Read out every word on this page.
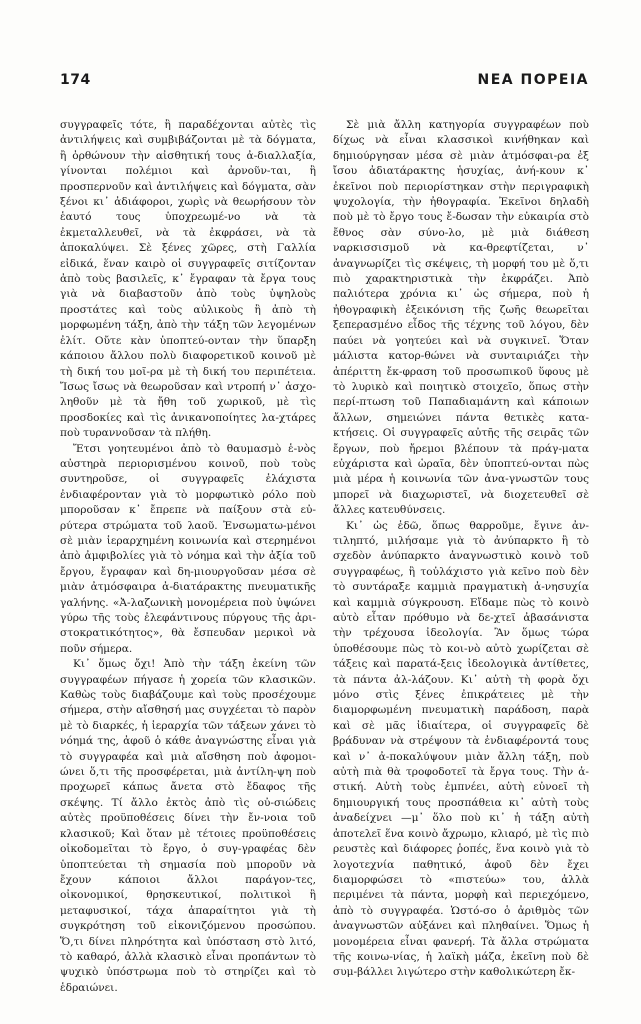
174	ΝΕΑ ΠΟΡΕΙΑ

συγγραφεῖς τότε, ἢ παραδέχονται αὐτὲς τὶς ἀντιλήψεις καὶ συμβιβάζονται μὲ τὰ δόγματα, ἢ ὀρθώνουν τὴν αἰσθητική τους ἀ-διαλλαξία, γίνονται πολέμιοι καὶ ἀρνοῦν-ται, ἢ προσπερνοῦν καὶ ἀντιλήψεις καὶ δόγματα, σὰν ξένοι κι᾿ ἀδιάφοροι, χωρὶς νὰ θεωρήσουν τὸν ἑαυτό τους ὑποχρεωμέ-νο νὰ τὰ ἐκμεταλλευθεῖ, νὰ τὰ ἐκφράσει, νὰ τὰ ἀποκαλύψει. Σὲ ξένες χῶρες, στὴ Γαλλία εἰδικά, ἕναν καιρὸ οἱ συγγραφεῖς σιτίζονταν ἀπὸ τοὺς βασιλεῖς, κ᾿ ἔγραφαν τὰ ἔργα τους γιὰ νὰ διαβαστοῦν ἀπὸ τοὺς ὑψηλοὺς προστάτες καὶ τοὺς αὐλικοὺς ἢ ἀπὸ τὴ μορφωμένη τάξη, ἀπὸ τὴν τάξη τῶν λεγομένων ἐλίτ. Οὔτε κὰν ὑποπτεύ-ονταν τὴν ὕπαρξη κάποιου ἄλλου πολὺ διαφορετικοῦ κοινοῦ μὲ τὴ δική του μοῖ-ρα μὲ τὴ δική του περιπέτεια. Ἴσως ἴσως νὰ θεωροῦσαν καὶ ντροπή ν᾿ ἀσχο-ληθοῦν μὲ τὰ ἤθη τοῦ χωρικοῦ, μὲ τὶς προσδοκίες καὶ τὶς ἀνικανοποίητες λα-χτάρες ποὺ τυραννοῦσαν τὰ πλήθη.

Ἔτσι γοητευμένοι ἀπὸ τὸ θαυμασμὸ ἑ-νὸς αὐστηρὰ περιορισμένου κοινοῦ, ποὺ τοὺς συντηροῦσε, οἱ συγγραφεῖς ἐλάχιστα ἐνδιαφέρονταν γιὰ τὸ μορφωτικὸ ρόλο ποὺ μποροῦσαν κ᾿ ἔπρεπε νὰ παίξουν στὰ εὐ-ρύτερα στρώματα τοῦ λαοῦ. Ἐνσωματω-μένοι σὲ μιὰν ἱεραρχημένη κοινωνία καὶ στερημένοι ἀπὸ ἀμφιβολίες γιὰ τὸ νόημα καὶ τὴν ἀξία τοῦ ἔργου, ἔγραφαν καὶ δη-μιουργοῦσαν μέσα σὲ μιὰν ἀτμόσφαιρα ἀ-διατάρακτης πνευματικῆς γαλήνης. «Ἀ-λαζωνικὴ μονομέρεια ποὺ ὑψώνει γύρω τῆς τοὺς ἐλεφάντινους πύργους τῆς ἀρι-στοκρατικότητος», θὰ ἔσπευδαν μερικοὶ νὰ ποῦν σήμερα.

Κι᾿ ὅμως ὄχι! Ἀπὸ τὴν τάξη ἐκείνη τῶν συγγραφέων πήγασε ἡ χορεία τῶν κλασικῶν. Καθὼς τοὺς διαβάζουμε καὶ τοὺς προσέχουμε σήμερα, στὴν αἴσθησή μας συγχέεται τὸ παρὸν μὲ τὸ διαρκές, ἡ ἱεραρχία τῶν τάξεων χάνει τὸ νόημά της, ἀφοῦ ὁ κάθε ἀναγνώστης εἶναι γιὰ τὸ συγγραφέα καὶ μιὰ αἴσθηση ποὺ ἀφομοι-ώνει ὅ,τι τῆς προσφέρεται, μιὰ ἀντίλη-ψη ποὺ προχωρεῖ κάπως ἄνετα στὸ ἔδαφος τῆς σκέψης. Τί ἄλλο ἐκτὸς ἀπὸ τὶς οὐ-σιώδεις αὐτὲς προϋποθέσεις δίνει τὴν ἔν-νοια τοῦ κλασικοῦ; Καὶ ὅταν μὲ τέτοιες προϋποθέσεις οἰκοδομεῖται τὸ ἔργο, ὁ συγ-γραφέας δὲν ὑποπτεύεται τὴ σημασία ποὺ μποροῦν νὰ ἔχουν κάποιοι ἄλλοι παράγον-τες, οἰκονομικοί, θρησκευτικοί, πολιτικοὶ ἢ μεταφυσικοί, τάχα ἀπαραίτητοι γιὰ τὴ συγκρότηση τοῦ εἰκονιζόμενου προσώπου. Ὅ,τι δίνει πληρότητα καὶ ὑπόσταση στὸ λιτό, τὸ καθαρό, ἀλλὰ κλασικὸ εἶναι προπάντων τὸ ψυχικὸ ὑπόστρωμα ποὺ τὸ στηρίζει καὶ τὸ ἑδραιώνει.

Σὲ μιὰ ἄλλη κατηγορία συγγραφέων ποὺ δίχως νὰ εἶναι κλασσικοὶ κινήθηκαν καὶ δημιούργησαν μέσα σὲ μιὰν ἀτμόσφαι-ρα ἐξ ἴσου ἀδιατάρακτης ἡσυχίας, ἀνή-κουν κ᾿ ἐκεῖνοι ποὺ περιορίστηκαν στὴν περιγραφικὴ ψυχολογία, τὴν ἠθογραφία. Ἐκεῖνοι δηλαδὴ ποὺ μὲ τὸ ἔργο τους ἔ-δωσαν τὴν εὐκαιρία στὸ ἔθνος σὰν σύνο-λο, μὲ μιὰ διάθεση ναρκισσισμοῦ νὰ κα-θρεφτίζεται, ν᾿ ἀναγνωρίζει τὶς σκέψεις, τὴ μορφή του μὲ ὅ,τι πιὸ χαρακτηριστικὰ τὴν ἐκφράζει. Ἀπὸ παλιότερα χρόνια κι᾿ ὡς σήμερα, ποὺ ἡ ἠθογραφικὴ ἐξεικόνιση τῆς ζωῆς θεωρεῖται ξεπερασμένο εἶδος τῆς τέχνης τοῦ λόγου, δὲν παύει νὰ γοητεύει καὶ νὰ συγκινεῖ. Ὅταν μάλιστα κατορ-θώνει νὰ συνταιριάζει τὴν ἀπέριττη ἔκ-φραση τοῦ προσωπικοῦ ὕφους μὲ τὸ λυρικὸ καὶ ποιητικὸ στοιχεῖο, ὅπως στὴν περί-πτωση τοῦ Παπαδιαμάντη καὶ κάποιων ἄλλων, σημειώνει πάντα θετικὲς κατα-κτήσεις. Οἱ συγγραφεῖς αὐτῆς τῆς σειρᾶς τῶν ἔργων, ποὺ ἤρεμοι βλέπουν τὰ πράγ-ματα εὐχάριστα καὶ ὡραῖα, δὲν ὑποπτεύ-ονται πὼς μιὰ μέρα ἡ κοινωνία τῶν ἀνα-γνωστῶν τους μπορεῖ νὰ διαχωριστεῖ, νὰ διοχετευθεῖ σὲ ἄλλες κατευθύνσεις.

Κι᾿ ὡς ἐδῶ, ὅπως θαρροῦμε, ἔγινε ἀν-τιληπτό, μιλήσαμε γιὰ τὸ ἀνύπαρκτο ἢ τὸ σχεδὸν ἀνύπαρκτο ἀναγνωστικὸ κοινὸ τοῦ συγγραφέως, ἢ τοὐλάχιστο γιὰ κεῖνο ποὺ δὲν τὸ συντάραξε καμμιὰ πραγματικὴ ἀ-νησυχία καὶ καμμιὰ σύγκρουση. Εἴδαμε πὼς τὸ κοινὸ αὐτὸ εἶταν πρόθυμο νὰ δε-χτεῖ ἀβασάνιστα τὴν τρέχουσα ἰδεολογία. Ἂν ὅμως τώρα ὑποθέσουμε πὼς τὸ κοι-νὸ αὐτὸ χωρίζεται σὲ τάξεις καὶ παρατά-ξεις ἰδεολογικὰ ἀντίθετες, τὰ πάντα ἀλ-λάζουν. Κι᾿ αὐτὴ τὴ φορὰ ὄχι μόνο στὶς ξένες ἐπικράτειες μὲ τὴν διαμορφωμένη πνευματικὴ παράδοση, παρὰ καὶ σὲ μᾶς ἰδιαίτερα, οἱ συγγραφεῖς δὲ βράδυναν νὰ στρέψουν τὰ ἐνδιαφέροντά τους καὶ ν᾿ ἀ-ποκαλύψουν μιὰν ἄλλη τάξη, ποὺ αὐτὴ πιὰ θὰ τροφοδοτεῖ τὰ ἔργα τους. Τὴν ἀ-στική. Αὐτὴ τοὺς ἐμπνέει, αὐτὴ εὐνοεῖ τὴ δημιουργική τους προσπάθεια κι᾿ αὐτὴ τοὺς ἀναδείχνει —μ᾿ ὅλο ποὺ κι᾿ ἡ τάξη αὐτὴ ἀποτελεῖ ἕνα κοινὸ ἄχρωμο, κλιαρό, μὲ τὶς πιὸ ρευστὲς καὶ διάφορες ῥοπές, ἕνα κοινὸ γιὰ τὸ λογοτεχνία παθητικό, ἀφοῦ δὲν ἔχει διαμορφώσει τὸ «πιστεύω» του, ἀλλὰ περιμένει τὰ πάντα, μορφὴ καὶ περιεχόμενο, ἀπὸ τὸ συγγραφέα. Ὡστό-σο ὁ ἀριθμὸς τῶν ἀναγνωστῶν αὐξάνει καὶ πληθαίνει. Ὅμως ἡ μονομέρεια εἶναι φανερή. Τὰ ἄλλα στρώματα τῆς κοινω-νίας, ἡ λαϊκὴ μάζα, ἐκεῖνη ποὺ δὲ συμ-βάλλει λιγώτερο στὴν καθολικώτερη ἔκ-
